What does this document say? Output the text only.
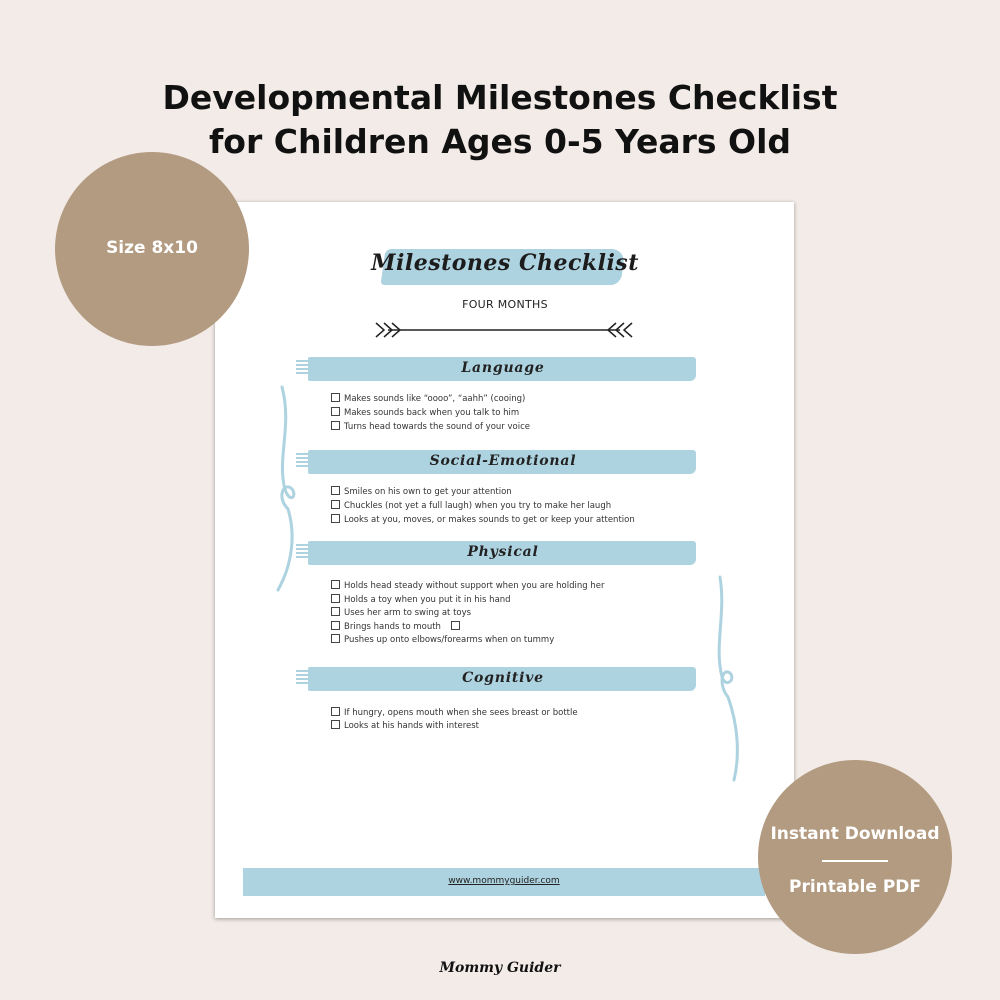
Developmental Milestones Checklist
for Children Ages 0-5 Years Old
Milestones Checklist
FOUR MONTHS
Language
Makes sounds like “oooo”, “aahh” (cooing)
Makes sounds back when you talk to him
Turns head towards the sound of your voice
Social-Emotional
Smiles on his own to get your attention
Chuckles (not yet a full laugh) when you try to make her laugh
Looks at you, moves, or makes sounds to get or keep your attention
Physical
Holds head steady without support when you are holding her
Holds a toy when you put it in his hand
Uses her arm to swing at toys
Brings hands to mouth
Pushes up onto elbows/forearms when on tummy
Cognitive
If hungry, opens mouth when she sees breast or bottle
Looks at his hands with interest
www.mommyguider.com
Size 8x10
Instant Download
Printable PDF
Mommy Guider
